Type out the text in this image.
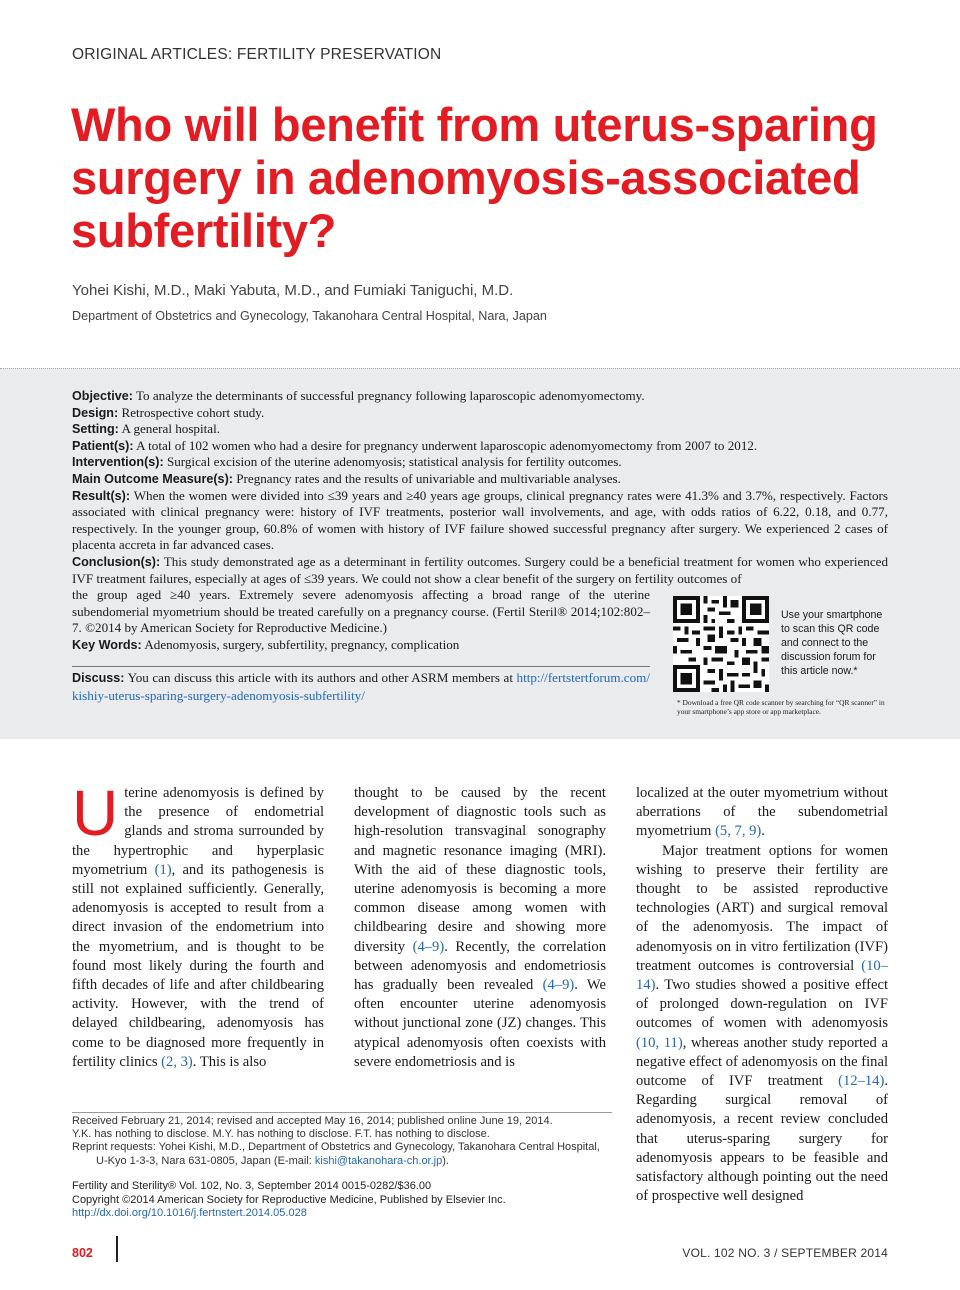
ORIGINAL ARTICLES: FERTILITY PRESERVATION
Who will benefit from uterus-sparing surgery in adenomyosis-associated subfertility?
Yohei Kishi, M.D., Maki Yabuta, M.D., and Fumiaki Taniguchi, M.D.
Department of Obstetrics and Gynecology, Takanohara Central Hospital, Nara, Japan

Objective: To analyze the determinants of successful pregnancy following laparoscopic adenomyomectomy.

Design: Retrospective cohort study.

Setting: A general hospital.

Patient(s): A total of 102 women who had a desire for pregnancy underwent laparoscopic adenomyomectomy from 2007 to 2012.

Intervention(s): Surgical excision of the uterine adenomyosis; statistical analysis for fertility outcomes.

Main Outcome Measure(s): Pregnancy rates and the results of univariable and multivariable analyses.

Result(s): When the women were divided into ≤39 years and ≥40 years age groups, clinical pregnancy rates were 41.3% and 3.7%, respectively. Factors associated with clinical pregnancy were: history of IVF treatments, posterior wall involvements, and age, with odds ratios of 6.22, 0.18, and 0.77, respectively. In the younger group, 60.8% of women with history of IVF failure showed successful pregnancy after surgery. We experienced 2 cases of placenta accreta in far advanced cases.

Conclusion(s): This study demonstrated age as a determinant in fertility outcomes. Surgery could be a beneficial treatment for women who experienced IVF treatment failures, especially at ages of ≤39 years. We could not show a clear benefit of the surgery on fertility outcomes of

the group aged ≥40 years. Extremely severe adenomyosis affecting a broad range of the uterine subendomerial myometrium should be treated carefully on a pregnancy course. (Fertil Steril® 2014;102:802–7. ©2014 by American Society for Reproductive Medicine.)

Key Words: Adenomyosis, surgery, subfertility, pregnancy, complication

Discuss: You can discuss this article with its authors and other ASRM members at http://fertstertforum.com/kishiy-uterus-sparing-surgery-adenomyosis-subfertility/
Use your smartphone to scan this QR code and connect to the discussion forum for this article now.*
* Download a free QR code scanner by searching for “QR scanner” in your smartphone’s app store or app marketplace.

Uterine adenomyosis is defined by the presence of endometrial glands and stroma surrounded by the hypertrophic and hyperplasic myometrium (1), and its pathogenesis is still not explained sufficiently. Generally, adenomyosis is accepted to result from a direct invasion of the endometrium into the myometrium, and is thought to be found most likely during the fourth and fifth decades of life and after childbearing activity. However, with the trend of delayed childbearing, adenomyosis has come to be diagnosed more frequently in fertility clinics (2, 3). This is also

thought to be caused by the recent development of diagnostic tools such as high-resolution transvaginal sonography and magnetic resonance imaging (MRI). With the aid of these diagnostic tools, uterine adenomyosis is becoming a more common disease among women with childbearing desire and showing more diversity (4–9). Recently, the correlation between adenomyosis and endometriosis has gradually been revealed (4–9). We often encounter uterine adenomyosis without junctional zone (JZ) changes. This atypical adenomyosis often coexists with severe endometriosis and is

localized at the outer myometrium without aberrations of the subendometrial myometrium (5, 7, 9).

Major treatment options for women wishing to preserve their fertility are thought to be assisted reproductive technologies (ART) and surgical removal of the adenomyosis. The impact of adenomyosis on in vitro fertilization (IVF) treatment outcomes is controversial (10–14). Two studies showed a positive effect of prolonged down-regulation on IVF outcomes of women with adenomyosis (10, 11), whereas another study reported a negative effect of adenomyosis on the final outcome of IVF treatment (12–14). Regarding surgical removal of adenomyosis, a recent review concluded that uterus-sparing surgery for adenomyosis appears to be feasible and satisfactory although pointing out the need of prospective well designed

Received February 21, 2014; revised and accepted May 16, 2014; published online June 19, 2014.

Y.K. has nothing to disclose. M.Y. has nothing to disclose. F.T. has nothing to disclose.

Reprint requests: Yohei Kishi, M.D., Department of Obstetrics and Gynecology, Takanohara Central Hospital, U-Kyo 1-3-3, Nara 631-0805, Japan (E-mail: kishi@takanohara-ch.or.jp).

Fertility and Sterility® Vol. 102, No. 3, September 2014 0015-0282/$36.00

Copyright ©2014 American Society for Reproductive Medicine, Published by Elsevier Inc.

http://dx.doi.org/10.1016/j.fertnstert.2014.05.028

802	VOL. 102 NO. 3 / SEPTEMBER 2014
